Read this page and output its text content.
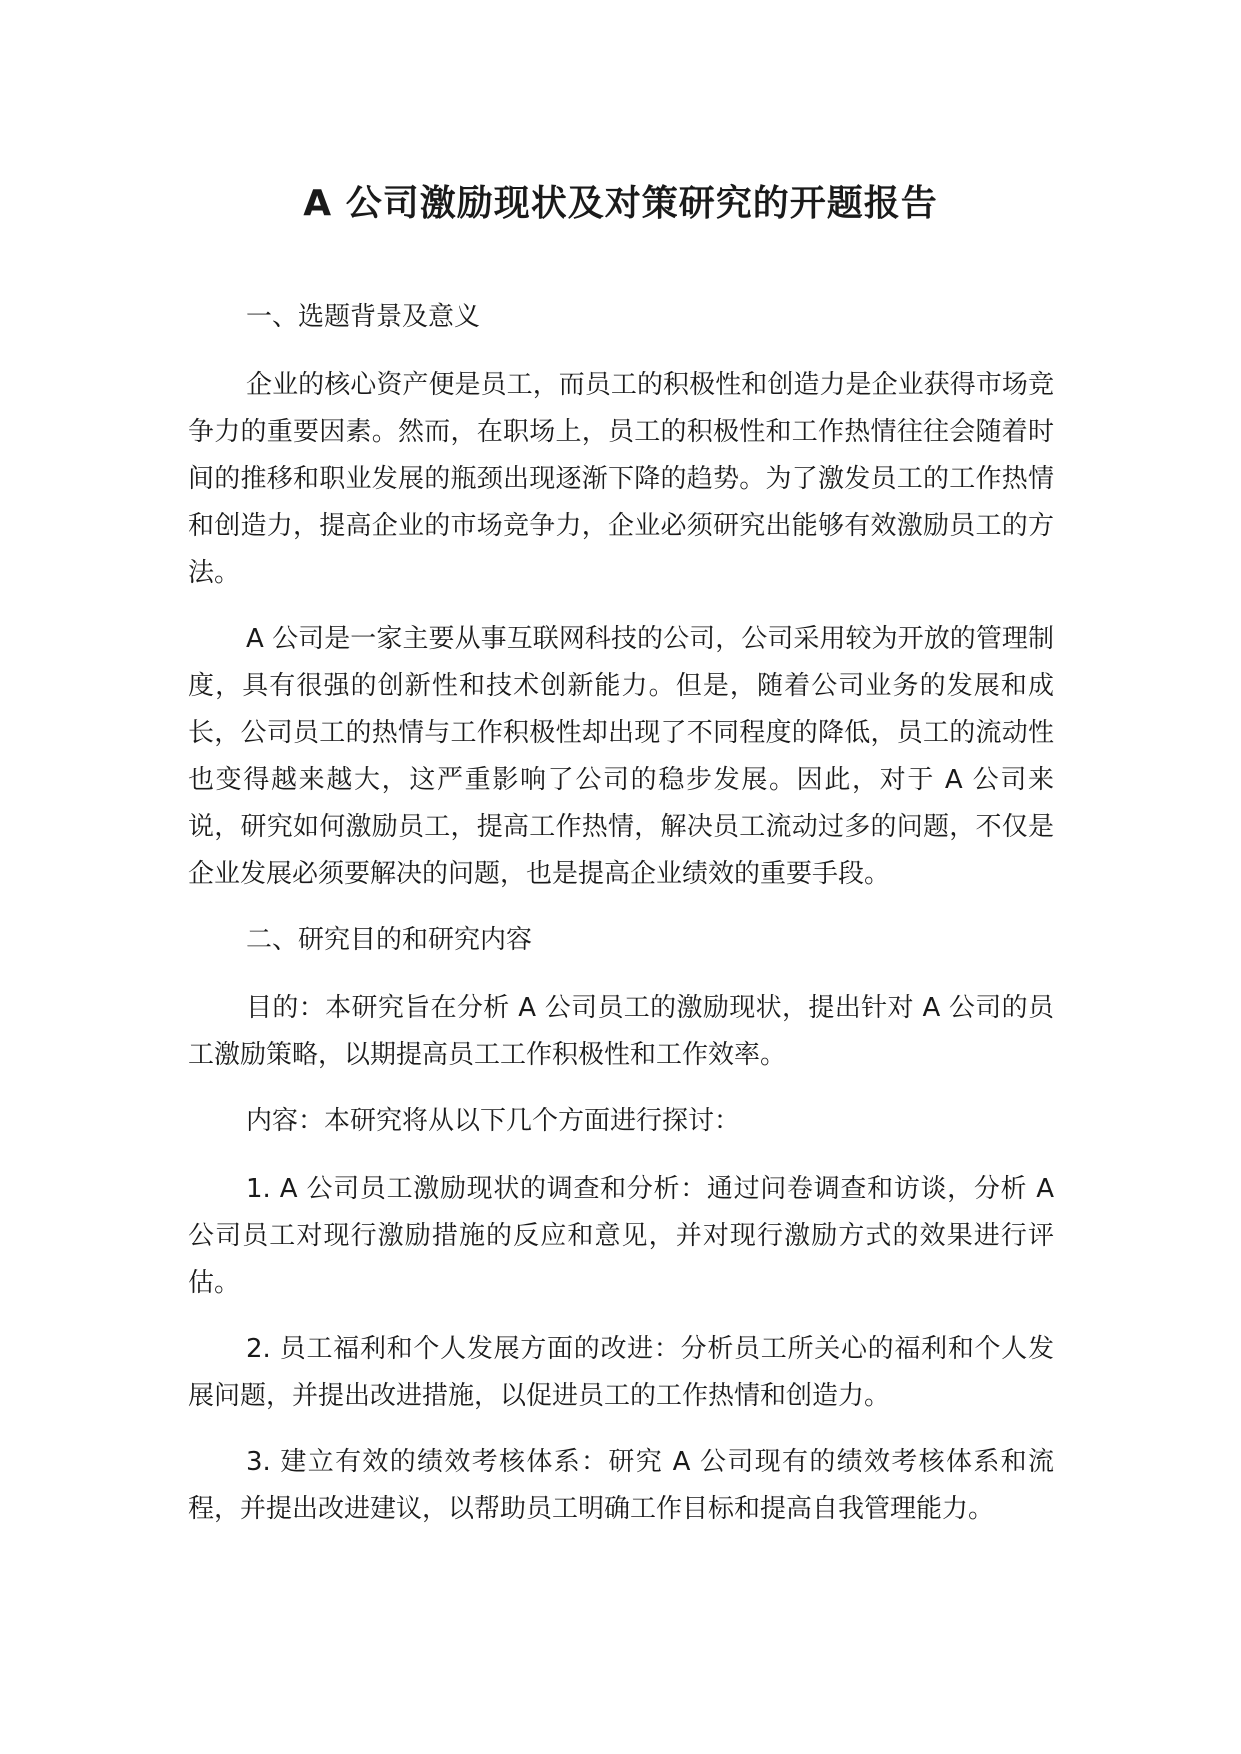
A 公司激励现状及对策研究的开题报告

一、选题背景及意义

企业的核心资产便是员工，而员工的积极性和创造力是企业获得市场竞争力的重要因素。然而，在职场上，员工的积极性和工作热情往往会随着时间的推移和职业发展的瓶颈出现逐渐下降的趋势。为了激发员工的工作热情和创造力，提高企业的市场竞争力，企业必须研究出能够有效激励员工的方法。

A 公司是一家主要从事互联网科技的公司，公司采用较为开放的管理制度，具有很强的创新性和技术创新能力。但是，随着公司业务的发展和成长，公司员工的热情与工作积极性却出现了不同程度的降低，员工的流动性也变得越来越大，这严重影响了公司的稳步发展。因此，对于 A 公司来说，研究如何激励员工，提高工作热情，解决员工流动过多的问题，不仅是企业发展必须要解决的问题，也是提高企业绩效的重要手段。

二、研究目的和研究内容

目的：本研究旨在分析 A 公司员工的激励现状，提出针对 A 公司的员工激励策略，以期提高员工工作积极性和工作效率。

内容：本研究将从以下几个方面进行探讨：

1. A 公司员工激励现状的调查和分析：通过问卷调查和访谈，分析 A 公司员工对现行激励措施的反应和意见，并对现行激励方式的效果进行评估。

2. 员工福利和个人发展方面的改进：分析员工所关心的福利和个人发展问题，并提出改进措施，以促进员工的工作热情和创造力。

3. 建立有效的绩效考核体系：研究 A 公司现有的绩效考核体系和流程，并提出改进建议，以帮助员工明确工作目标和提高自我管理能力。
